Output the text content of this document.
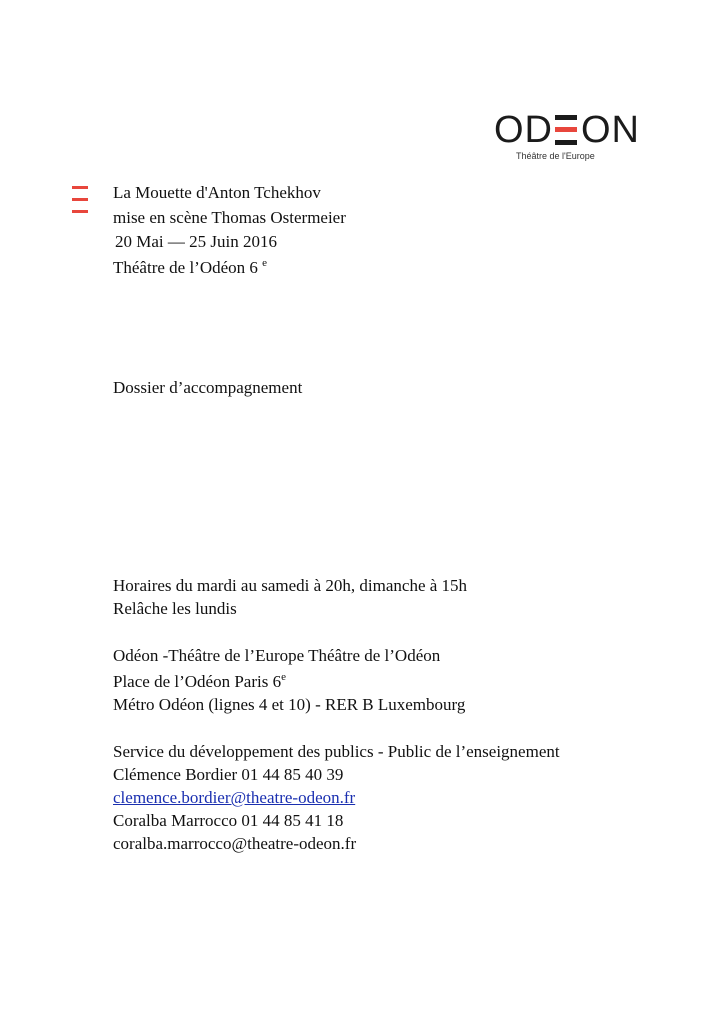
OD ON
Théâtre de l'Europe
La Mouette d'Anton Tchekhov
mise en scène Thomas Ostermeier
20 Mai — 25 Juin 2016
Théâtre de l’Odéon 6 $^e$
Dossier d’accompagnement
Horaires du mardi au samedi à 20h, dimanche à 15h
Relâche les lundis
Odéon -Théâtre de l’Europe Théâtre de l’Odéon
Place de l’Odéon Paris 6e
Métro Odéon (lignes 4 et 10) - RER B Luxembourg
Service du développement des publics - Public de l’enseignement
Clémence Bordier 01 44 85 40 39
clemence.bordier@theatre-odeon.fr
Coralba Marrocco 01 44 85 41 18
coralba.marrocco@theatre-odeon.fr
